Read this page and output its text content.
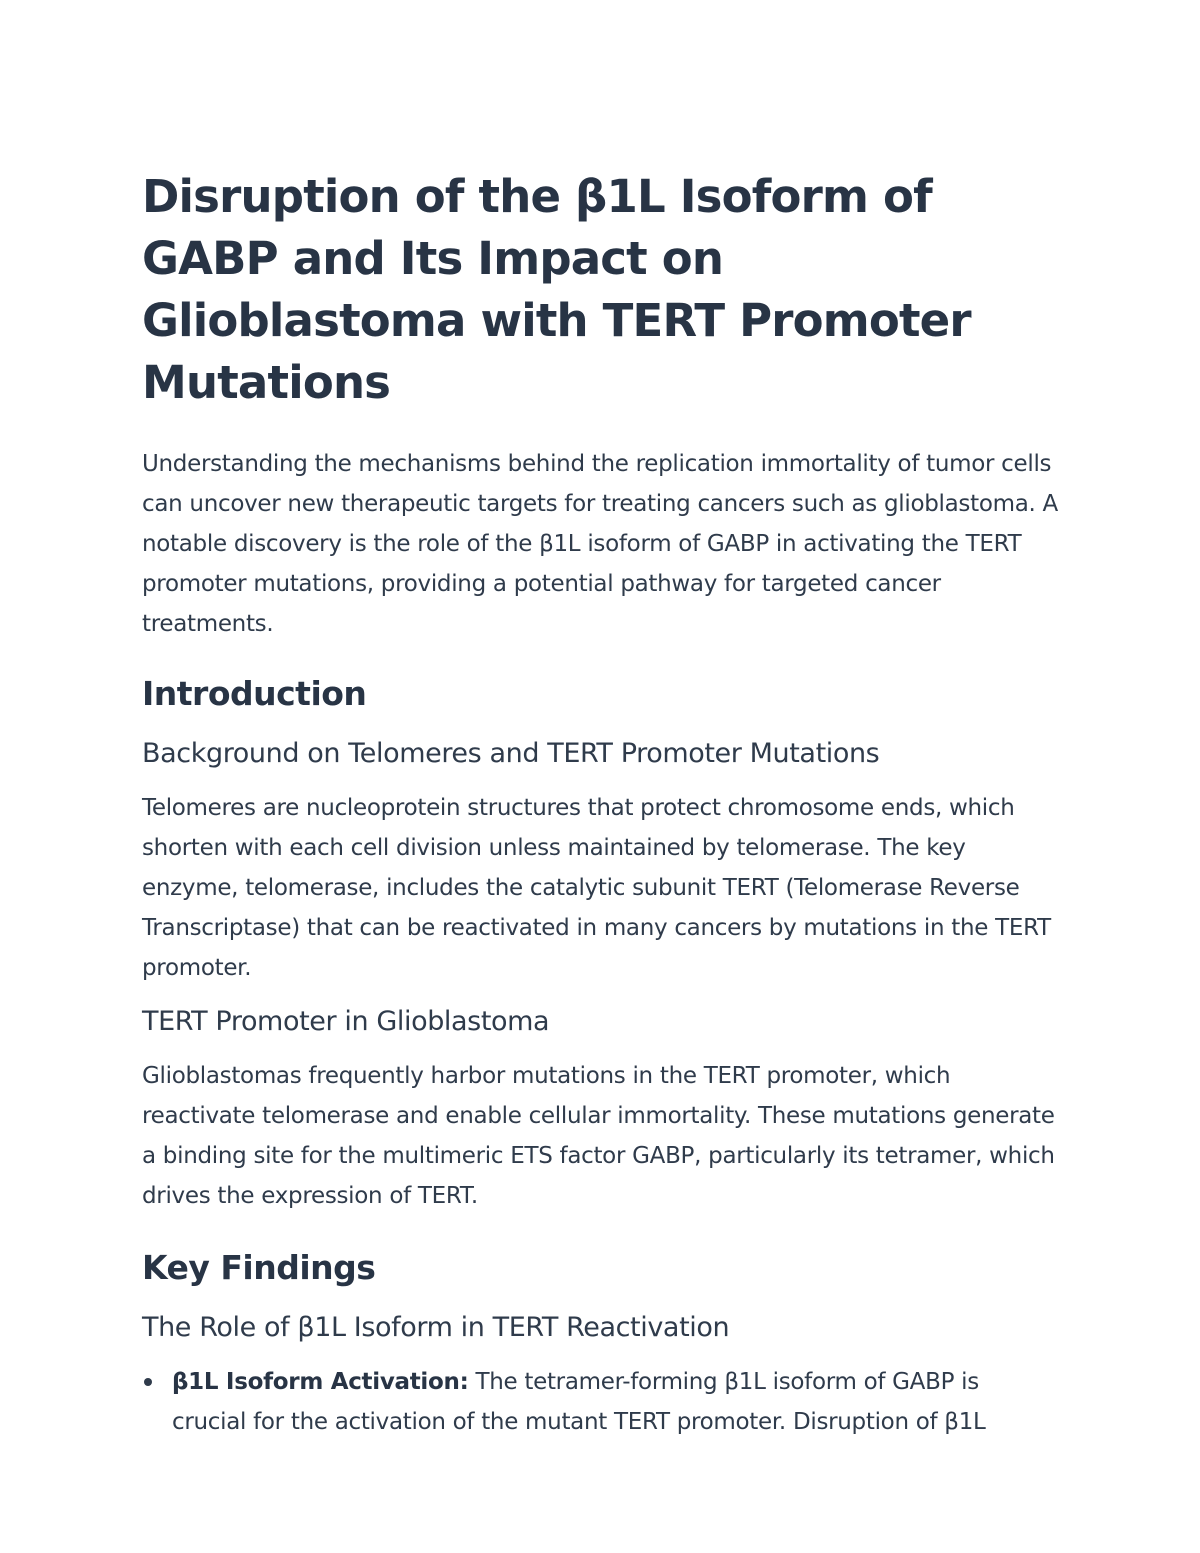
Disruption of the β1L Isoform of GABP and Its Impact on Glioblastoma with TERT Promoter Mutations

Understanding the mechanisms behind the replication immortality of tumor cells can uncover new therapeutic targets for treating cancers such as glioblastoma. A notable discovery is the role of the β1L isoform of GABP in activating the TERT promoter mutations, providing a potential pathway for targeted cancer treatments.

Introduction
Background on Telomeres and TERT Promoter Mutations

Telomeres are nucleoprotein structures that protect chromosome ends, which shorten with each cell division unless maintained by telomerase. The key enzyme, telomerase, includes the catalytic subunit TERT (Telomerase Reverse Transcriptase) that can be reactivated in many cancers by mutations in the TERT promoter.

TERT Promoter in Glioblastoma

Glioblastomas frequently harbor mutations in the TERT promoter, which reactivate telomerase and enable cellular immortality. These mutations generate a binding site for the multimeric ETS factor GABP, particularly its tetramer, which drives the expression of TERT.

Key Findings
The Role of β1L Isoform in TERT Reactivation
β1L Isoform Activation: The tetramer-forming β1L isoform of GABP is crucial for the activation of the mutant TERT promoter. Disruption of β1L
